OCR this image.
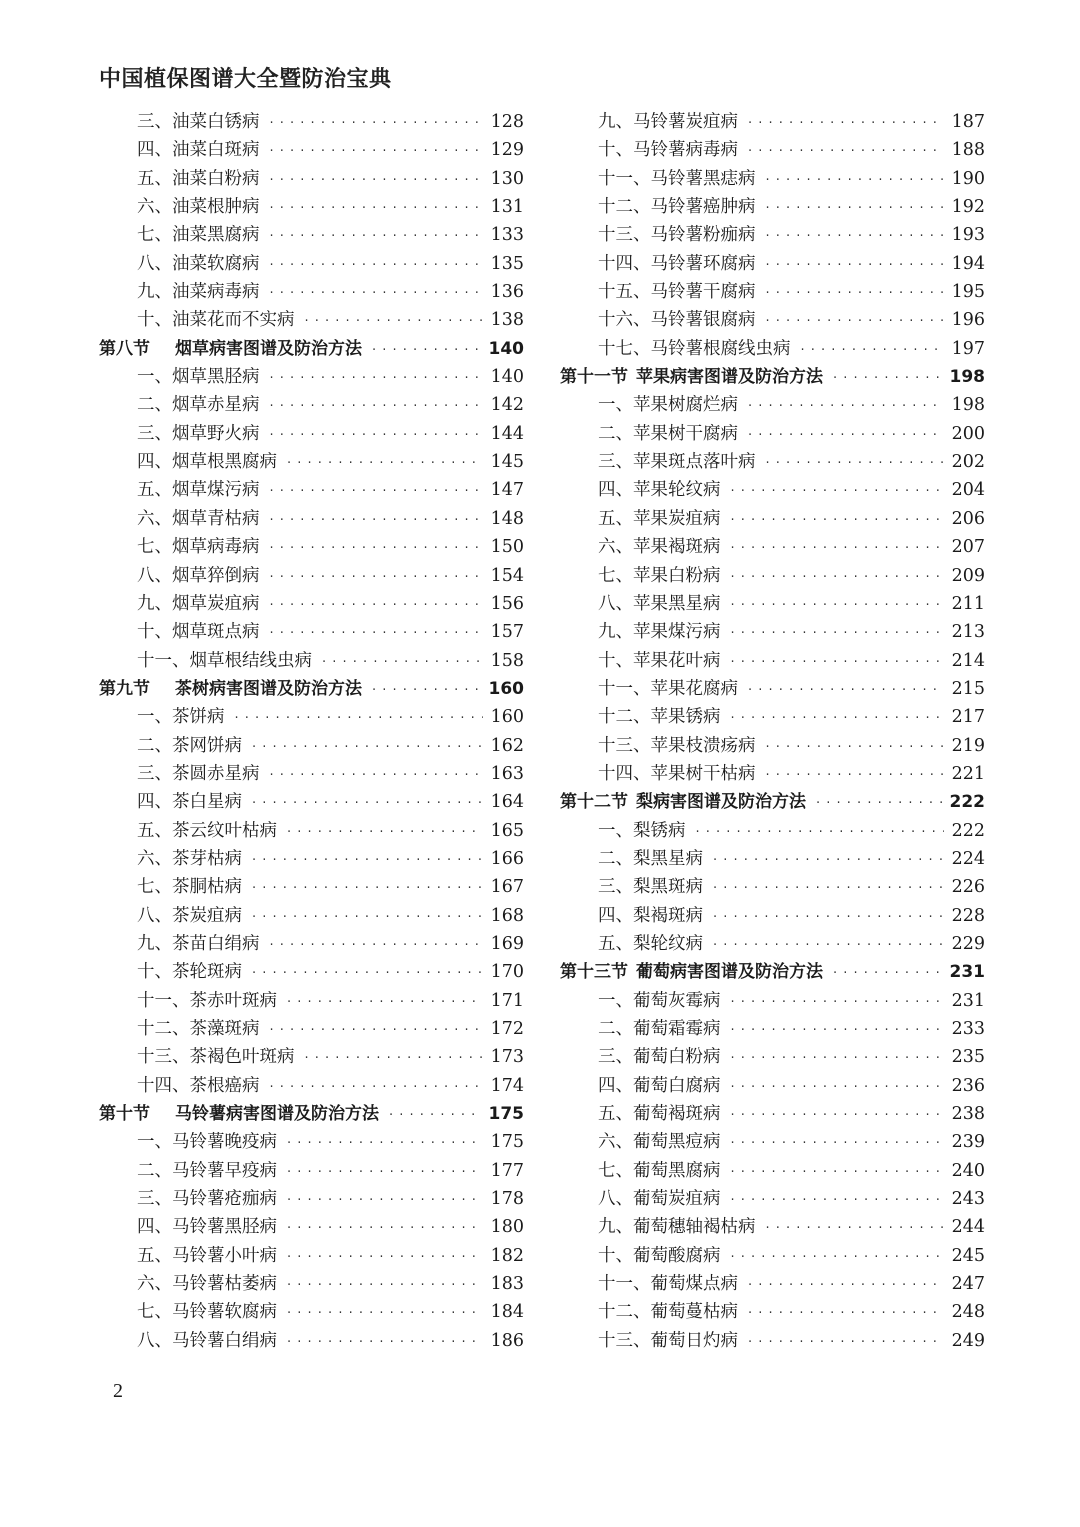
中国植保图谱大全暨防治宝典
三、油菜白锈病 · · ·	128
四、油菜白斑病 · · ·	129
五、油菜白粉病 · · ·	130
六、油菜根肿病 · · ·	131
七、油菜黑腐病 · · ·	133
八、油菜软腐病 · · ·	135
九、油菜病毒病 · · ·	136
十、油菜花而不实病 · · ·	138
第八节	烟草病害图谱及防治方法 · · ·	140
一、烟草黑胫病 · · ·	140
二、烟草赤星病 · · ·	142
三、烟草野火病 · · ·	144
四、烟草根黑腐病 · · ·	145
五、烟草煤污病 · · ·	147
六、烟草青枯病 · · ·	148
七、烟草病毒病 · · ·	150
八、烟草猝倒病 · · ·	154
九、烟草炭疽病 · · ·	156
十、烟草斑点病 · · ·	157
十一、烟草根结线虫病 · · ·	158
第九节	茶树病害图谱及防治方法 · · ·	160
一、茶饼病 · · ·	160
二、茶网饼病 · · ·	162
三、茶圆赤星病 · · ·	163
四、茶白星病 · · ·	164
五、茶云纹叶枯病 · · ·	165
六、茶芽枯病 · · ·	166
七、茶胴枯病 · · ·	167
八、茶炭疽病 · · ·	168
九、茶苗白绢病 · · ·	169
十、茶轮斑病 · · ·	170
十一、茶赤叶斑病 · · ·	171
十二、茶藻斑病 · · ·	172
十三、茶褐色叶斑病 · · ·	173
十四、茶根癌病 · · ·	174
第十节	马铃薯病害图谱及防治方法 · · ·	175
一、马铃薯晚疫病 · · ·	175
二、马铃薯早疫病 · · ·	177
三、马铃薯疮痂病 · · ·	178
四、马铃薯黑胫病 · · ·	180
五、马铃薯小叶病 · · ·	182
六、马铃薯枯萎病 · · ·	183
七、马铃薯软腐病 · · ·	184
八、马铃薯白绢病 · · ·	186
九、马铃薯炭疽病 · · ·	187
十、马铃薯病毒病 · · ·	188
十一、马铃薯黑痣病 · · ·	190
十二、马铃薯癌肿病 · · ·	192
十三、马铃薯粉痂病 · · ·	193
十四、马铃薯环腐病 · · ·	194
十五、马铃薯干腐病 · · ·	195
十六、马铃薯银腐病 · · ·	196
十七、马铃薯根腐线虫病 · · ·	197
第十一节 苹果病害图谱及防治方法 · · ·	198
一、苹果树腐烂病 · · ·	198
二、苹果树干腐病 · · ·	200
三、苹果斑点落叶病 · · ·	202
四、苹果轮纹病 · · ·	204
五、苹果炭疽病 · · ·	206
六、苹果褐斑病 · · ·	207
七、苹果白粉病 · · ·	209
八、苹果黑星病 · · ·	211
九、苹果煤污病 · · ·	213
十、苹果花叶病 · · ·	214
十一、苹果花腐病 · · ·	215
十二、苹果锈病 · · ·	217
十三、苹果枝溃疡病 · · ·	219
十四、苹果树干枯病 · · ·	221
第十二节 梨病害图谱及防治方法 · · ·	222
一、梨锈病 · · ·	222
二、梨黑星病 · · ·	224
三、梨黑斑病 · · ·	226
四、梨褐斑病 · · ·	228
五、梨轮纹病 · · ·	229
第十三节 葡萄病害图谱及防治方法 · · ·	231
一、葡萄灰霉病 · · ·	231
二、葡萄霜霉病 · · ·	233
三、葡萄白粉病 · · ·	235
四、葡萄白腐病 · · ·	236
五、葡萄褐斑病 · · ·	238
六、葡萄黑痘病 · · ·	239
七、葡萄黑腐病 · · ·	240
八、葡萄炭疽病 · · ·	243
九、葡萄穗轴褐枯病 · · ·	244
十、葡萄酸腐病 · · ·	245
十一、葡萄煤点病 · · ·	247
十二、葡萄蔓枯病 · · ·	248
十三、葡萄日灼病 · · ·	249
2
